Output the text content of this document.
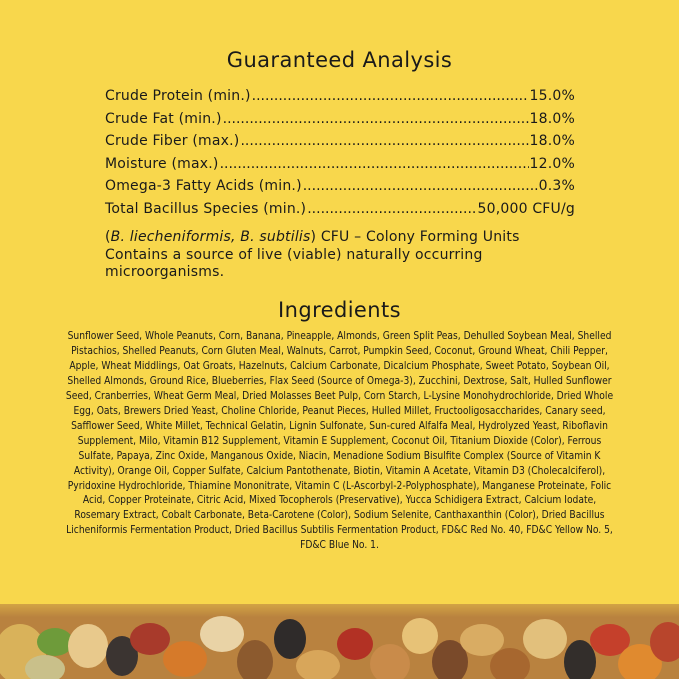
Guaranteed Analysis
Crude Protein (min.) .....	15.0%
Crude Fat (min.) .....	18.0%
Crude Fiber (max.) .....	18.0%
Moisture (max.) .....	12.0%
Omega-3 Fatty Acids (min.) .....	0.3%
Total Bacillus Species (min.) .....	50,000 CFU/g

(B. liecheniformis, B. subtilis) CFU – Colony Forming Units Contains a source of live (viable) naturally occurring microorganisms.

Ingredients

Sunflower Seed, Whole Peanuts, Corn, Banana, Pineapple, Almonds, Green Split Peas, Dehulled Soybean Meal, Shelled Pistachios, Shelled Peanuts, Corn Gluten Meal, Walnuts, Carrot, Pumpkin Seed, Coconut, Ground Wheat, Chili Pepper, Apple, Wheat Middlings, Oat Groats, Hazelnuts, Calcium Carbonate, Dicalcium Phosphate, Sweet Potato, Soybean Oil, Shelled Almonds, Ground Rice, Blueberries, Flax Seed (Source of Omega-3), Zucchini, Dextrose, Salt, Hulled Sunflower Seed, Cranberries, Wheat Germ Meal, Dried Molasses Beet Pulp, Corn Starch, L-Lysine Monohydrochloride, Dried Whole Egg, Oats, Brewers Dried Yeast, Choline Chloride, Peanut Pieces, Hulled Millet, Fructooligosaccharides, Canary seed, Safflower Seed, White Millet, Technical Gelatin, Lignin Sulfonate, Sun-cured Alfalfa Meal, Hydrolyzed Yeast, Riboflavin Supplement, Milo, Vitamin B12 Supplement, Vitamin E Supplement, Coconut Oil, Titanium Dioxide (Color), Ferrous Sulfate, Papaya, Zinc Oxide, Manganous Oxide, Niacin, Menadione Sodium Bisulfite Complex (Source of Vitamin K Activity), Orange Oil, Copper Sulfate, Calcium Pantothenate, Biotin, Vitamin A Acetate, Vitamin D3 (Cholecalciferol), Pyridoxine Hydrochloride, Thiamine Mononitrate, Vitamin C (L-Ascorbyl-2-Polyphosphate), Manganese Proteinate, Folic Acid, Copper Proteinate, Citric Acid, Mixed Tocopherols (Preservative), Yucca Schidigera Extract, Calcium Iodate, Rosemary Extract, Cobalt Carbonate, Beta-Carotene (Color), Sodium Selenite, Canthaxanthin (Color), Dried Bacillus Licheniformis Fermentation Product, Dried Bacillus Subtilis Fermentation Product, FD&C Red No. 40, FD&C Yellow No. 5, FD&C Blue No. 1.
